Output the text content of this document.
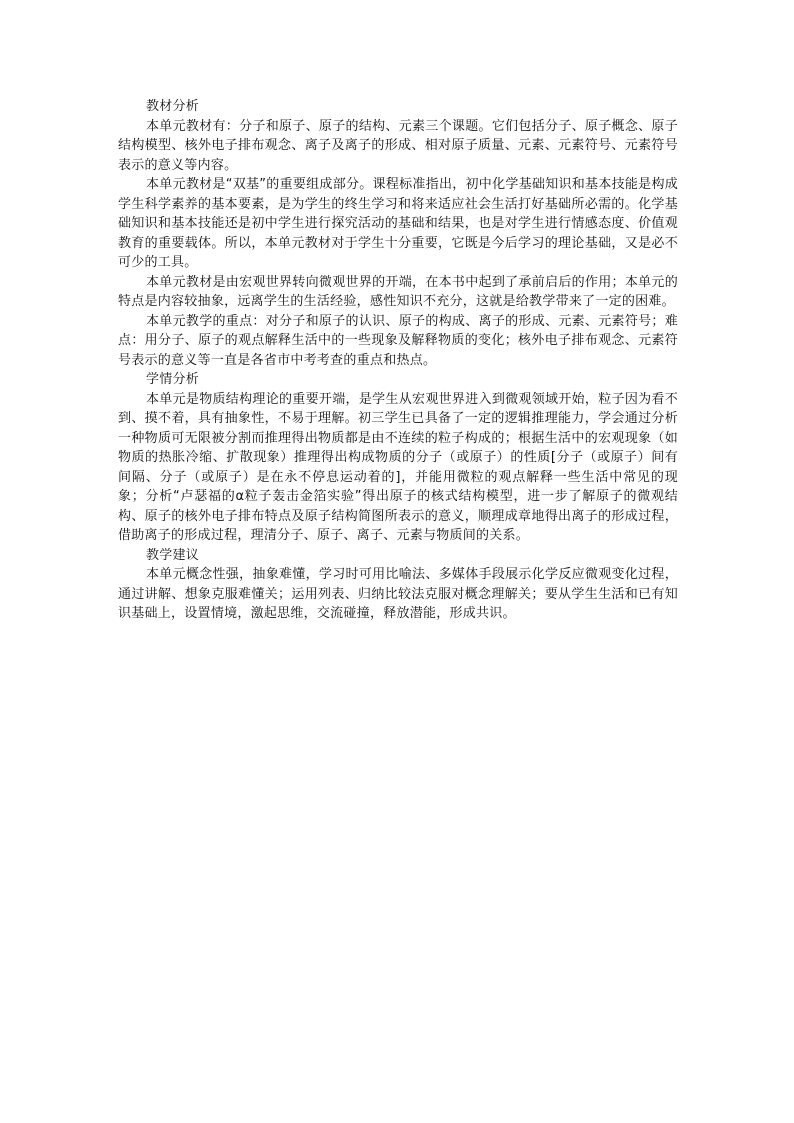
教材分析

本单元教材有：分子和原子、原子的结构、元素三个课题。它们包括分子、原子概念、原子结构模型、核外电子排布观念、离子及离子的形成、相对原子质量、元素、元素符号、元素符号表示的意义等内容。

本单元教材是“双基”的重要组成部分。课程标准指出，初中化学基础知识和基本技能是构成学生科学素养的基本要素，是为学生的终生学习和将来适应社会生活打好基础所必需的。化学基础知识和基本技能还是初中学生进行探究活动的基础和结果，也是对学生进行情感态度、价值观教育的重要载体。所以，本单元教材对于学生十分重要，它既是今后学习的理论基础，又是必不可少的工具。

本单元教材是由宏观世界转向微观世界的开端，在本书中起到了承前启后的作用；本单元的特点是内容较抽象，远离学生的生活经验，感性知识不充分，这就是给教学带来了一定的困难。

本单元教学的重点：对分子和原子的认识、原子的构成、离子的形成、元素、元素符号；难点：用分子、原子的观点解释生活中的一些现象及解释物质的变化；核外电子排布观念、元素符号表示的意义等一直是各省市中考考查的重点和热点。

学情分析

本单元是物质结构理论的重要开端，是学生从宏观世界进入到微观领域开始，粒子因为看不到、摸不着，具有抽象性，不易于理解。初三学生已具备了一定的逻辑推理能力，学会通过分析一种物质可无限被分割而推理得出物质都是由不连续的粒子构成的；根据生活中的宏观现象（如物质的热胀冷缩、扩散现象）推理得出构成物质的分子（或原子）的性质[分子（或原子）间有间隔、分子（或原子）是在永不停息运动着的]，并能用微粒的观点解释一些生活中常见的现象；分析“卢瑟福的α粒子轰击金箔实验”得出原子的核式结构模型，进一步了解原子的微观结构、原子的核外电子排布特点及原子结构简图所表示的意义，顺理成章地得出离子的形成过程，借助离子的形成过程，理清分子、原子、离子、元素与物质间的关系。

教学建议

本单元概念性强，抽象难懂，学习时可用比喻法、多媒体手段展示化学反应微观变化过程，通过讲解、想象克服难懂关；运用列表、归纳比较法克服对概念理解关；要从学生生活和已有知识基础上，设置情境，激起思维，交流碰撞，释放潜能，形成共识。
